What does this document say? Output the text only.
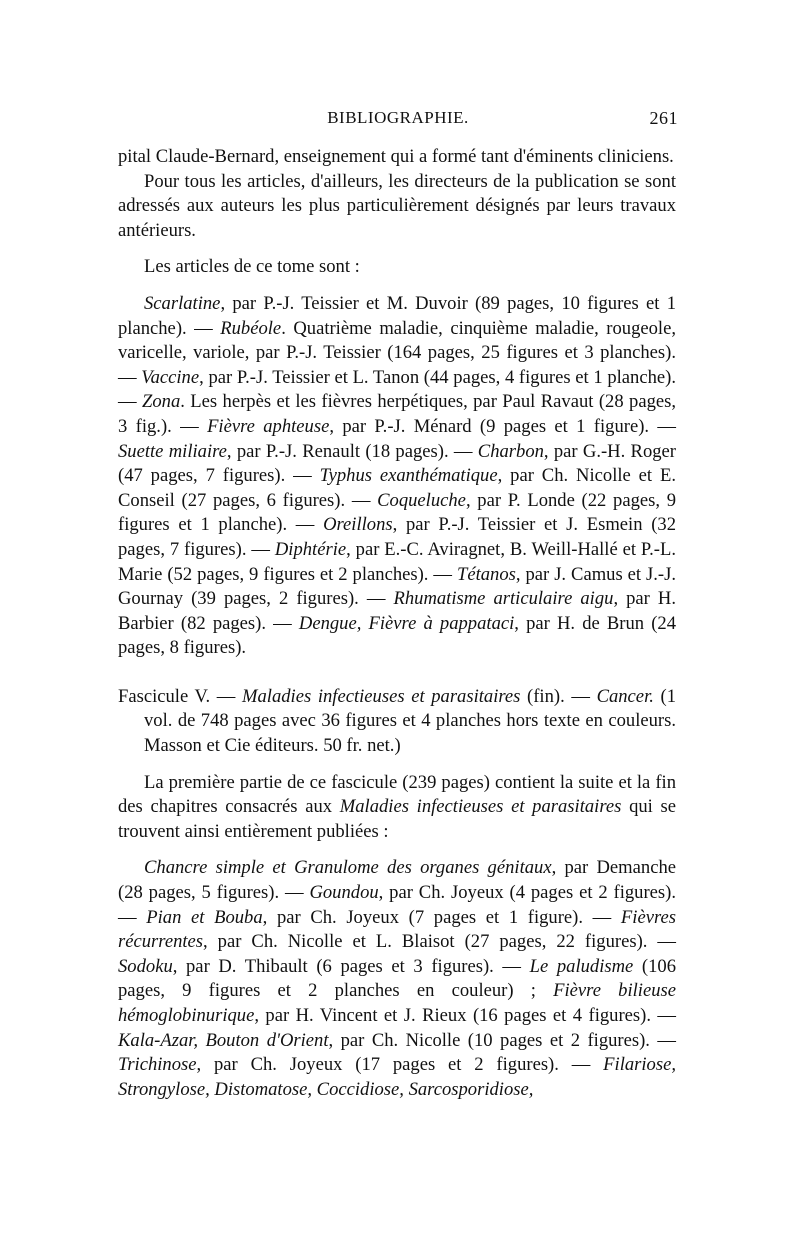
BIBLIOGRAPHIE.	261

pital Claude-Bernard, enseignement qui a formé tant d'éminents cliniciens.

Pour tous les articles, d'ailleurs, les directeurs de la publication se sont adressés aux auteurs les plus particulièrement désignés par leurs travaux antérieurs.

Les articles de ce tome sont :

Scarlatine, par P.-J. Teissier et M. Duvoir (89 pages, 10 figures et 1 planche). — Rubéole. Quatrième maladie, cinquième maladie, rougeole, varicelle, variole, par P.-J. Teissier (164 pages, 25 figures et 3 planches). — Vaccine, par P.-J. Teissier et L. Tanon (44 pages, 4 figures et 1 planche). — Zona. Les herpès et les fièvres herpétiques, par Paul Ravaut (28 pages, 3 fig.). — Fièvre aphteuse, par P.-J. Ménard (9 pages et 1 figure). — Suette miliaire, par P.-J. Renault (18 pages). — Charbon, par G.-H. Roger (47 pages, 7 figures). — Typhus exanthématique, par Ch. Nicolle et E. Conseil (27 pages, 6 figures). — Coqueluche, par P. Londe (22 pages, 9 figures et 1 planche). — Oreillons, par P.-J. Teissier et J. Esmein (32 pages, 7 figures). — Diphtérie, par E.-C. Aviragnet, B. Weill-Hallé et P.-L. Marie (52 pages, 9 figures et 2 planches). — Tétanos, par J. Camus et J.-J. Gournay (39 pages, 2 figures). — Rhumatisme articulaire aigu, par H. Barbier (82 pages). — Dengue, Fièvre à pappataci, par H. de Brun (24 pages, 8 figures).

Fascicule V. — Maladies infectieuses et parasitaires (fin). — Cancer. (1 vol. de 748 pages avec 36 figures et 4 planches hors texte en couleurs. Masson et Cie éditeurs. 50 fr. net.)

La première partie de ce fascicule (239 pages) contient la suite et la fin des chapitres consacrés aux Maladies infectieuses et parasitaires qui se trouvent ainsi entièrement publiées :

Chancre simple et Granulome des organes génitaux, par Demanche (28 pages, 5 figures). — Goundou, par Ch. Joyeux (4 pages et 2 figures). — Pian et Bouba, par Ch. Joyeux (7 pages et 1 figure). — Fièvres récurrentes, par Ch. Nicolle et L. Blaisot (27 pages, 22 figures). — Sodoku, par D. Thibault (6 pages et 3 figures). — Le paludisme (106 pages, 9 figures et 2 planches en couleur) ; Fièvre bilieuse hémoglobinurique, par H. Vincent et J. Rieux (16 pages et 4 figures). — Kala-Azar, Bouton d'Orient, par Ch. Nicolle (10 pages et 2 figures). — Trichinose, par Ch. Joyeux (17 pages et 2 figures). — Filariose, Strongylose, Distomatose, Coccidiose, Sarcosporidiose,
